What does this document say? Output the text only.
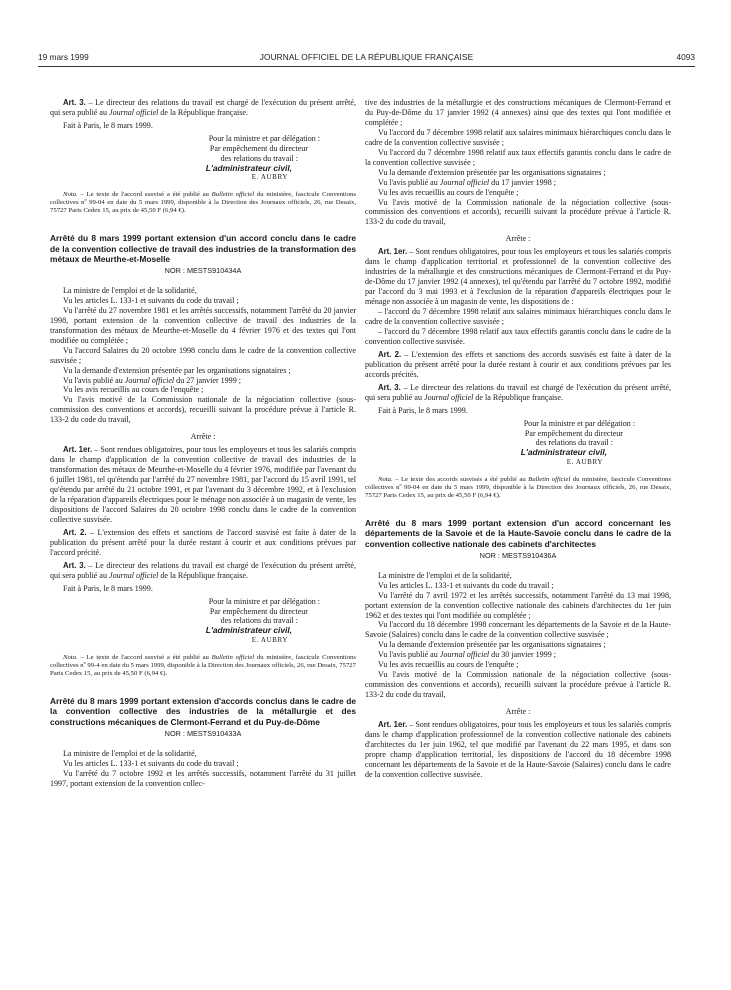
19 mars 1999	JOURNAL OFFICIEL DE LA RÉPUBLIQUE FRANÇAISE	4093

Art. 3. – Le directeur des relations du travail est chargé de l'exécution du présent arrêté, qui sera publié au Journal officiel de la République française.

Fait à Paris, le 8 mars 1999.

Pour la ministre et par délégation :

Par empêchement du directeur

des relations du travail :

L'administrateur civil,

E. AUBRY

Nota. – Le texte de l'accord susvisé a été publié au Bulletin officiel du ministère, fascicule Conventions collectives nº 99-04 en date du 5 mars 1999, disponible à la Direction des Journaux officiels, 26, rue Desaix, 75727 Paris Cedex 15, au prix de 45,50 F (6,94 €).

Arrêté du 8 mars 1999 portant extension d'un accord conclu dans le cadre de la convention collective de travail des industries de la transformation des métaux de Meurthe-et-Moselle

NOR : MESTS910434A

La ministre de l'emploi et de la solidarité,

Vu les articles L. 133-1 et suivants du code du travail ;

Vu l'arrêté du 27 novembre 1981 et les arrêtés successifs, notamment l'arrêté du 20 janvier 1998, portant extension de la convention collective de travail des industries de la transformation des métaux de Meurthe-et-Moselle du 4 février 1976 et des textes qui l'ont modifiée ou complétée ;

Vu l'accord Salaires du 20 octobre 1998 conclu dans le cadre de la convention collective susvisée ;

Vu la demande d'extension présentée par les organisations signataires ;

Vu l'avis publié au Journal officiel du 27 janvier 1999 ;

Vu les avis recueillis au cours de l'enquête ;

Vu l'avis motivé de la Commission nationale de la négociation collective (sous-commission des conventions et accords), recueilli suivant la procédure prévue à l'article R. 133-2 du code du travail,

Arrête :

Art. 1er. – Sont rendues obligatoires, pour tous les employeurs et tous les salariés compris dans le champ d'application de la convention collective de travail des industries de la transformation des métaux de Meurthe-et-Moselle du 4 février 1976, modifiée par l'avenant du 6 juillet 1981, tel qu'étendu par l'arrêté du 27 novembre 1981, par l'accord du 15 avril 1991, tel qu'étendu par arrêté du 21 octobre 1991, et par l'avenant du 3 décembre 1992, et à l'exclusion de la réparation d'appareils électriques pour le ménage non associée à un magasin de vente, les dispositions de l'accord Salaires du 20 octobre 1998 conclu dans le cadre de la convention collective susvisée.

Art. 2. – L'extension des effets et sanctions de l'accord susvisé est faite à dater de la publication du présent arrêté pour la durée restant à courir et aux conditions prévues par l'accord précité.

Art. 3. – Le directeur des relations du travail est chargé de l'exécution du présent arrêté, qui sera publié au Journal officiel de la République française.

Fait à Paris, le 8 mars 1999.

Pour la ministre et par délégation :

Par empêchement du directeur

des relations du travail :

L'administrateur civil,

E. AUBRY

Nota. – Le texte de l'accord susvisé a été publié au Bulletin officiel du ministère, fascicule Conventions collectives nº 99-4 en date du 5 mars 1999, disponible à la Direction des Journaux officiels, 26, rue Desaix, 75727 Paris Cedex 15, au prix de 45,50 F (6,94 €).

Arrêté du 8 mars 1999 portant extension d'accords conclus dans le cadre de la convention collective des industries de la métallurgie et des constructions mécaniques de Clermont-Ferrand et du Puy-de-Dôme

NOR : MESTS910433A

La ministre de l'emploi et de la solidarité,

Vu les articles L. 133-1 et suivants du code du travail ;

Vu l'arrêté du 7 octobre 1992 et les arrêtés successifs, notamment l'arrêté du 31 juillet 1997, portant extension de la convention collec-

tive des industries de la métallurgie et des constructions mécaniques de Clermont-Ferrand et du Puy-de-Dôme du 17 janvier 1992 (4 annexes) ainsi que des textes qui l'ont modifiée et complétée ;

Vu l'accord du 7 décembre 1998 relatif aux salaires minimaux hiérarchiques conclu dans le cadre de la convention collective susvisée ;

Vu l'accord du 7 décembre 1998 relatif aux taux effectifs garantis conclu dans le cadre de la convention collective susvisée ;

Vu la demande d'extension présentée par les organisations signataires ;

Vu l'avis publié au Journal officiel du 17 janvier 1998 ;

Vu les avis recueillis au cours de l'enquête ;

Vu l'avis motivé de la Commission nationale de la négociation collective (sous-commission des conventions et accords), recueilli suivant la procédure prévue à l'article R. 133-2 du code du travail,

Arrête :

Art. 1er. – Sont rendues obligatoires, pour tous les employeurs et tous les salariés compris dans le champ d'application territorial et professionnel de la convention collective des industries de la métallurgie et des constructions mécaniques de Clermont-Ferrand et du Puy-de-Dôme du 17 janvier 1992 (4 annexes), tel qu'étendu par l'arrêté du 7 octobre 1992, modifié par l'accord du 3 mai 1993 et à l'exclusion de la réparation d'appareils électriques pour le ménage non associée à un magasin de vente, les dispositions de :

– l'accord du 7 décembre 1998 relatif aux salaires minimaux hiérarchiques conclu dans le cadre de la convention collective susvisée ;

– l'accord du 7 décembre 1998 relatif aux taux effectifs garantis conclu dans le cadre de la convention collective susvisée.

Art. 2. – L'extension des effets et sanctions des accords susvisés est faite à dater de la publication du présent arrêté pour la durée restant à courir et aux conditions prévues par les accords précités.

Art. 3. – Le directeur des relations du travail est chargé de l'exécution du présent arrêté, qui sera publié au Journal officiel de la République française.

Fait à Paris, le 8 mars 1999.

Pour la ministre et par délégation :

Par empêchement du directeur

des relations du travail :

L'administrateur civil,

E. AUBRY

Nota. – Le texte des accords susvisés a été publié au Bulletin officiel du ministère, fascicule Conventions collectives nº 99-04 en date du 5 mars 1999, disponible à la Direction des Journaux officiels, 26, rue Desaix, 75727 Paris Cedex 15, au prix de 45,50 F (6,94 €).

Arrêté du 8 mars 1999 portant extension d'un accord concernant les départements de la Savoie et de la Haute-Savoie conclu dans le cadre de la convention collective nationale des cabinets d'architectes

NOR : MESTS910436A

La ministre de l'emploi et de la solidarité,

Vu les articles L. 133-1 et suivants du code du travail ;

Vu l'arrêté du 7 avril 1972 et les arrêtés successifs, notamment l'arrêté du 13 mai 1998, portant extension de la convention collective nationale des cabinets d'architectes du 1er juin 1962 et des textes qui l'ont modifiée ou complétée ;

Vu l'accord du 18 décembre 1998 concernant les départements de la Savoie et de la Haute-Savoie (Salaires) conclu dans le cadre de la convention collective susvisée ;

Vu la demande d'extension présentée par les organisations signataires ;

Vu l'avis publié au Journal officiel du 30 janvier 1999 ;

Vu les avis recueillis au cours de l'enquête ;

Vu l'avis motivé de la Commission nationale de la négociation collective (sous-commission des conventions et accords), recueilli suivant la procédure prévue à l'article R. 133-2 du code du travail,

Arrête :

Art. 1er. – Sont rendues obligatoires, pour tous les employeurs et tous les salariés compris dans le champ d'application professionnel de la convention collective nationale des cabinets d'architectes du 1er juin 1962, tel que modifié par l'avenant du 22 mars 1995, et dans son propre champ d'application territorial, les dispositions de l'accord du 18 décembre 1998 concernant les départements de la Savoie et de la Haute-Savoie (Salaires) conclu dans le cadre de la convention collective susvisée.
